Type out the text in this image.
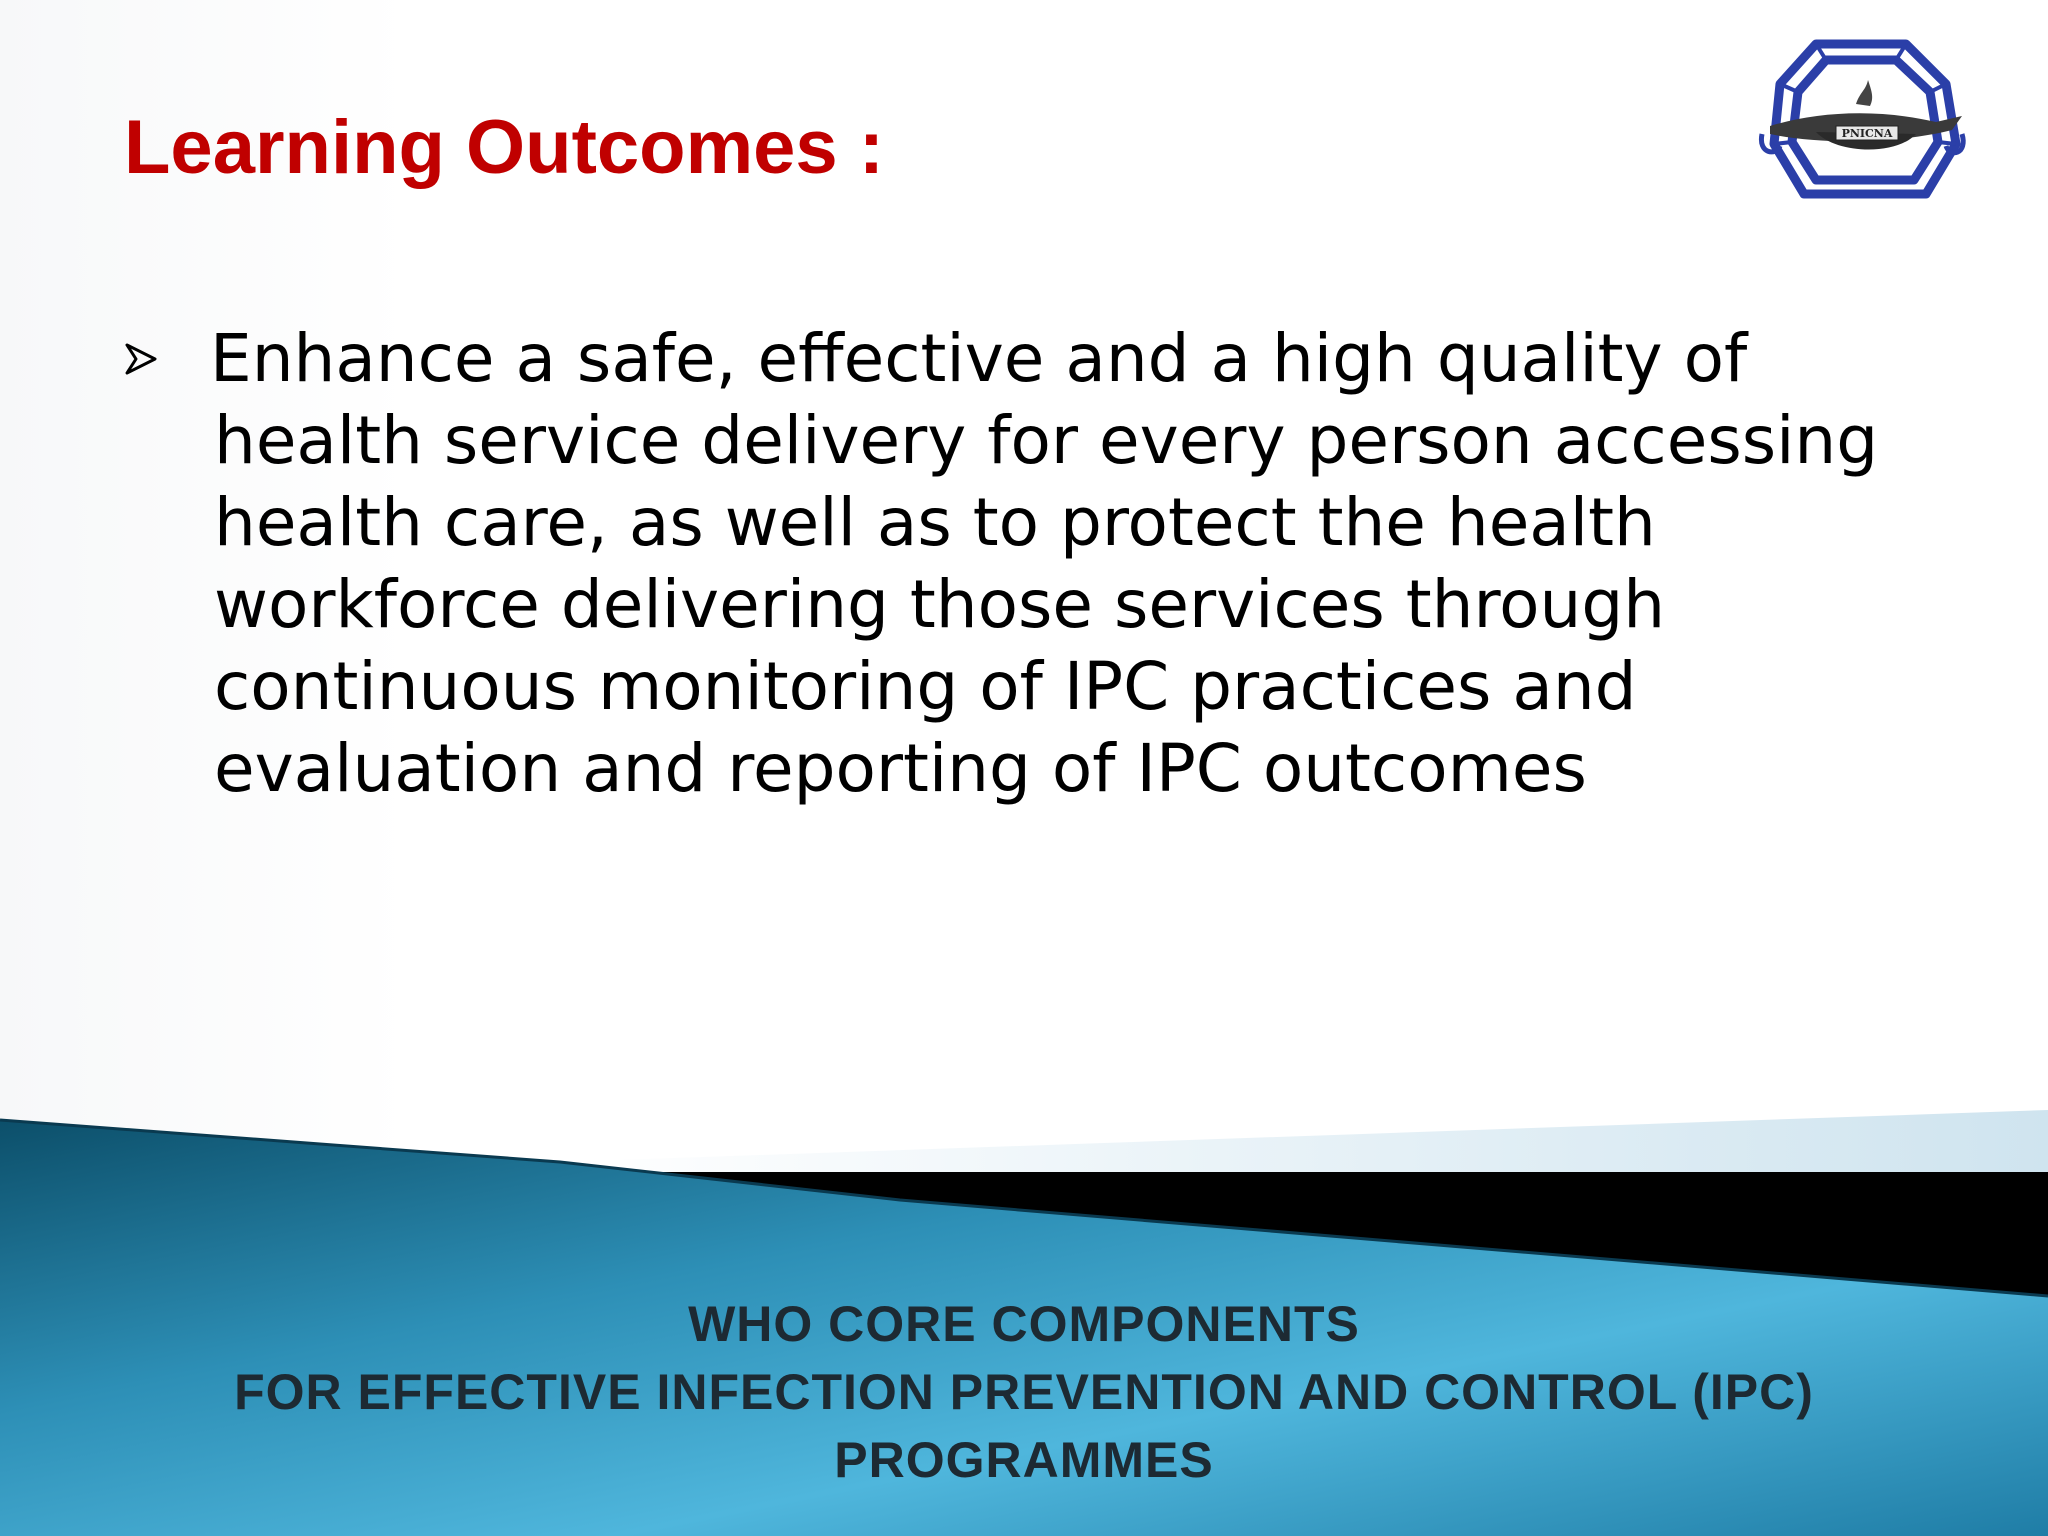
Learning Outcomes :	PNICNA
Enhance a safe, effective and a high quality of
health service delivery for every person accessing
health care, as well as to protect the health
workforce delivering those services through
continuous monitoring of IPC practices and
evaluation and reporting of IPC outcomes
WHO CORE COMPONENTS
FOR EFFECTIVE INFECTION PREVENTION AND CONTROL (IPC)
PROGRAMMES
